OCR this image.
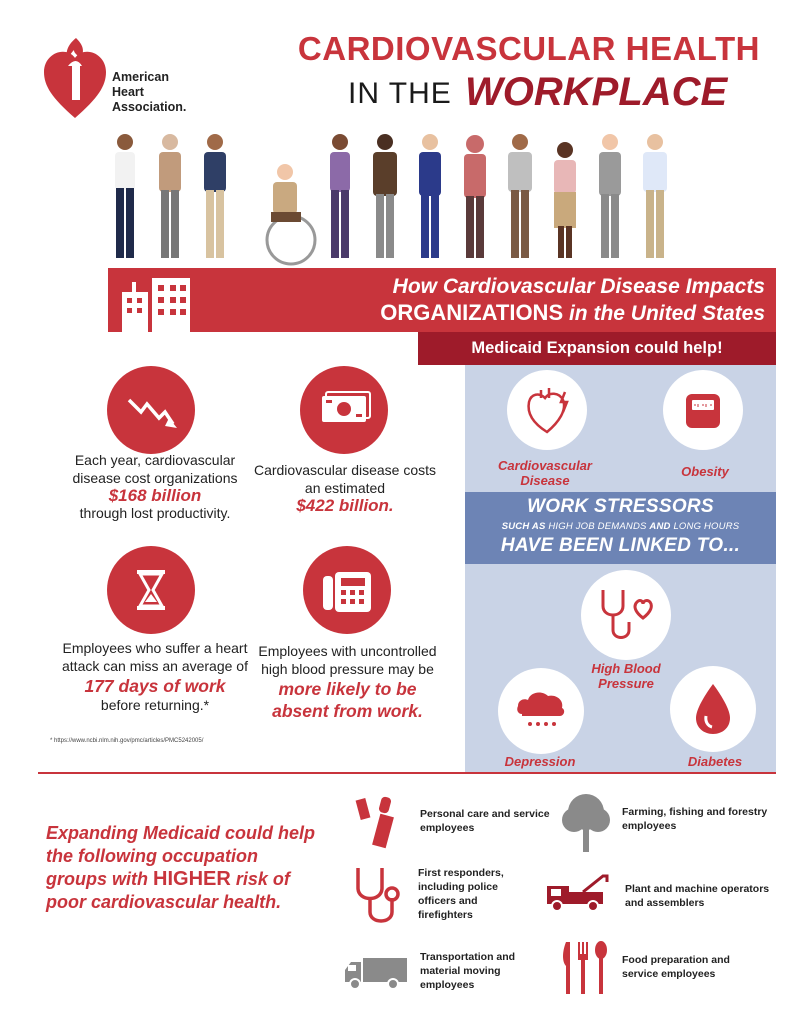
American
Heart
Association.
CARDIOVASCULAR HEALTH
IN THE WORKPLACE
How Cardiovascular Disease Impacts
ORGANIZATIONS in the United States
Medicaid Expansion could help!
Each year, cardiovascular disease cost organizations
$168 billion
through lost productivity.
Cardiovascular disease costs an estimated
$422 billion.
Employees who suffer a heart attack can miss an average of
177 days of work
before returning.*
Employees with uncontrolled high blood pressure may be
more likely to be absent from work.
* https://www.ncbi.nlm.nih.gov/pmc/articles/PMC5242005/
Cardiovascular Disease
Obesity
WORK STRESSORS
SUCH AS HIGH JOB DEMANDS AND LONG HOURS
HAVE BEEN LINKED TO...
High Blood Pressure
Depression	Diabetes
Expanding Medicaid could help the following occupation groups with HIGHER risk of poor cardiovascular health.
Personal care and service employees
Farming, fishing and forestry employees
First responders, including police officers and firefighters
Plant and machine operators and assemblers
Transportation and material moving employees
Food preparation and service employees
